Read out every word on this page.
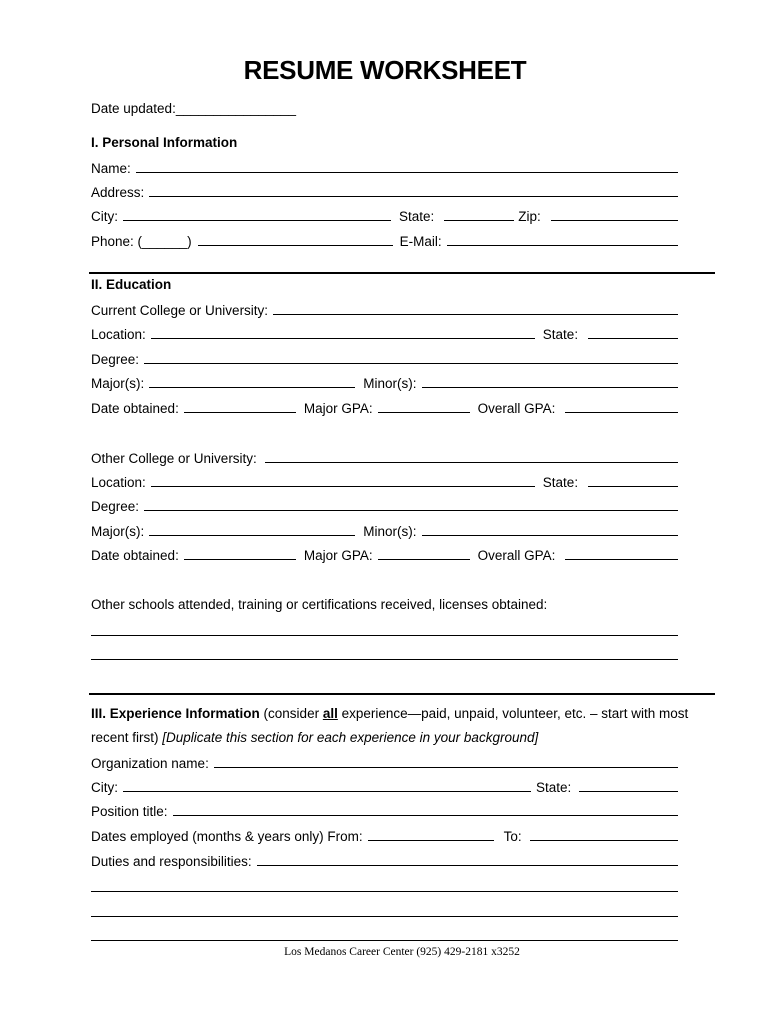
RESUME WORKSHEET
Date updated:________________
I. Personal Information
Name:
Address:
City:	State:	Zip:
Phone: (______)	E-Mail:
II. Education
Current College or University:
Location:	State:
Degree:
Major(s):	Minor(s):
Date obtained:	Major GPA:	Overall GPA:
Other College or University:
Location:	State:
Degree:
Major(s):	Minor(s):
Date obtained:	Major GPA:	Overall GPA:
Other schools attended, training or certifications received, licenses obtained:
III. Experience Information (consider all experience—paid, unpaid, volunteer, etc. – start with most
recent first) [Duplicate this section for each experience in your background]
Organization name:
City:	State:
Position title:
Dates employed (months & years only) From:	To:
Duties and responsibilities:
Los Medanos Career Center (925) 429-2181 x3252
